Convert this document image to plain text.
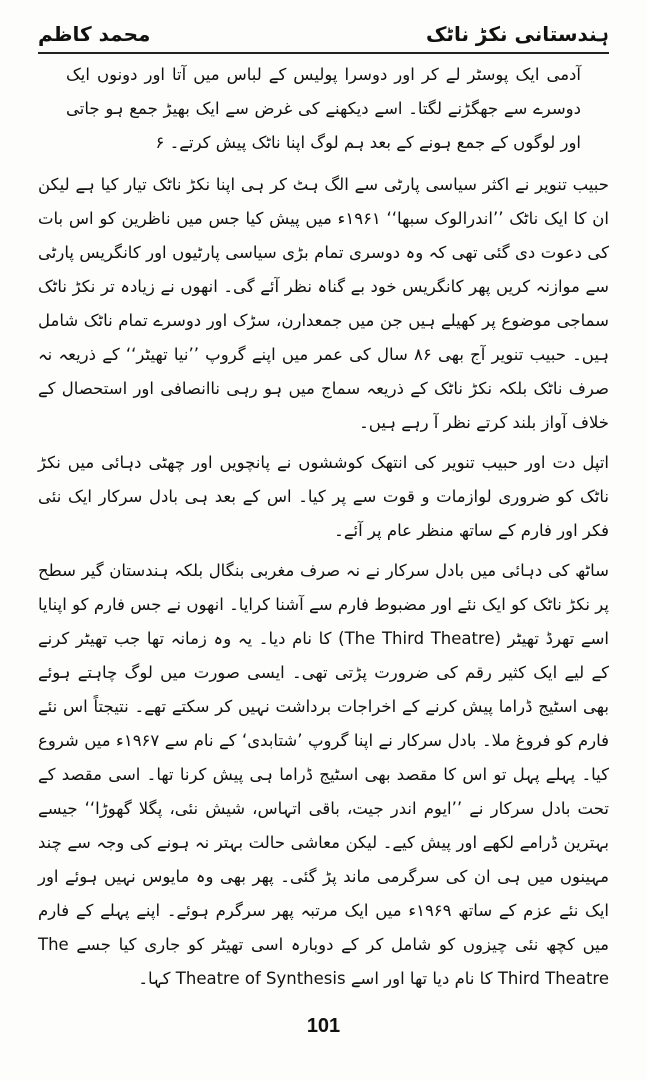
ہندستانی نکڑ ناٹک
محمد کاظم

آدمی ایک پوسٹر لے کر اور دوسرا پولیس کے لباس میں آتا اور دونوں ایک دوسرے سے جھگڑنے لگتا۔ اسے دیکھنے کی غرض سے ایک بھیڑ جمع ہو جاتی اور لوگوں کے جمع ہونے کے بعد ہم لوگ اپنا ناٹک پیش کرتے۔ ۶

حبیب تنویر نے اکثر سیاسی پارٹی سے الگ ہٹ کر ہی اپنا نکڑ ناٹک تیار کیا ہے لیکن ان کا ایک ناٹک ’’اندرالوک سبھا‘‘ ۱۹۶۱ء میں پیش کیا جس میں ناظرین کو اس بات کی دعوت دی گئی تھی کہ وہ دوسری تمام بڑی سیاسی پارٹیوں اور کانگریس پارٹی سے موازنہ کریں پھر کانگریس خود بے گناہ نظر آئے گی۔ انھوں نے زیادہ تر نکڑ ناٹک سماجی موضوع پر کھیلے ہیں جن میں جمعدارن، سڑک اور دوسرے تمام ناٹک شامل ہیں۔ حبیب تنویر آج بھی ۸۶ سال کی عمر میں اپنے گروپ ’’نیا تھیٹر‘‘ کے ذریعہ نہ صرف ناٹک بلکہ نکڑ ناٹک کے ذریعہ سماج میں ہو رہی ناانصافی اور استحصال کے خلاف آواز بلند کرتے نظر آ رہے ہیں۔

اتپل دت اور حبیب تنویر کی انتھک کوششوں نے پانچویں اور چھٹی دہائی میں نکڑ ناٹک کو ضروری لوازمات و قوت سے پر کیا۔ اس کے بعد ہی بادل سرکار ایک نئی فکر اور فارم کے ساتھ منظر عام پر آئے۔

ساٹھ کی دہائی میں بادل سرکار نے نہ صرف مغربی بنگال بلکہ ہندستان گیر سطح پر نکڑ ناٹک کو ایک نئے اور مضبوط فارم سے آشنا کرایا۔ انھوں نے جس فارم کو اپنایا اسے تھرڈ تھیٹر (The Third Theatre) کا نام دیا۔ یہ وہ زمانہ تھا جب تھیٹر کرنے کے لیے ایک کثیر رقم کی ضرورت پڑتی تھی۔ ایسی صورت میں لوگ چاہتے ہوئے بھی اسٹیج ڈراما پیش کرنے کے اخراجات برداشت نہیں کر سکتے تھے۔ نتیجتاً اس نئے فارم کو فروغ ملا۔ بادل سرکار نے اپنا گروپ ’شتابدی‘ کے نام سے ۱۹۶۷ء میں شروع کیا۔ پہلے پہل تو اس کا مقصد بھی اسٹیج ڈراما ہی پیش کرنا تھا۔ اسی مقصد کے تحت بادل سرکار نے ’’ایوم اندر جیت، باقی اتہاس، شیش نئی، پگلا گھوڑا‘‘ جیسے بہترین ڈرامے لکھے اور پیش کیے۔ لیکن معاشی حالت بہتر نہ ہونے کی وجہ سے چند مہینوں میں ہی ان کی سرگرمی ماند پڑ گئی۔ پھر بھی وہ مایوس نہیں ہوئے اور ایک نئے عزم کے ساتھ ۱۹۶۹ء میں ایک مرتبہ پھر سرگرم ہوئے۔ اپنے پہلے کے فارم میں کچھ نئی چیزوں کو شامل کر کے دوبارہ اسی تھیٹر کو جاری کیا جسے The Third Theatre کا نام دیا تھا اور اسے Theatre of Synthesis کہا۔

101
